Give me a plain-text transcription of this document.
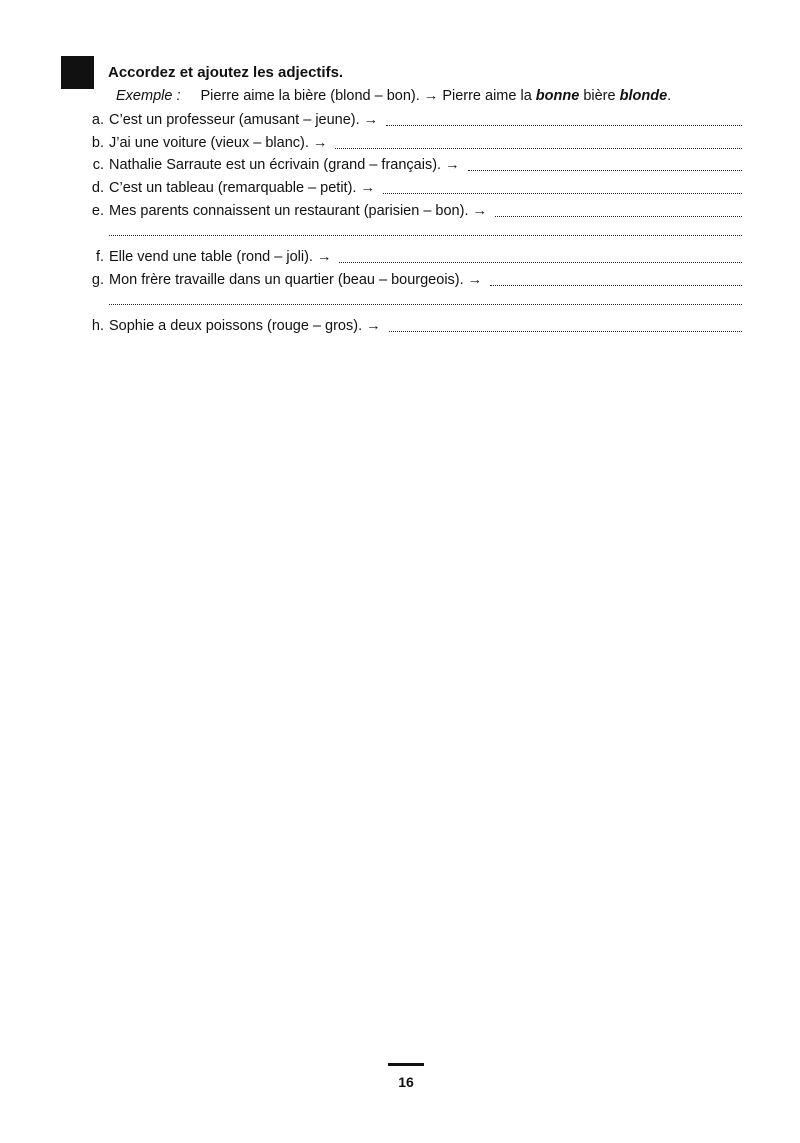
Accordez et ajoutez les adjectifs.
Exemple : Pierre aime la bière (blond – bon). → Pierre aime la bonne bière blonde.
a. C’est un professeur (amusant – jeune). →
b. J’ai une voiture (vieux – blanc). →
c. Nathalie Sarraute est un écrivain (grand – français). →
d. C’est un tableau (remarquable – petit). →
e. Mes parents connaissent un restaurant (parisien – bon). →
f. Elle vend une table (rond – joli). →
g. Mon frère travaille dans un quartier (beau – bourgeois). →
h. Sophie a deux poissons (rouge – gros). →
16
